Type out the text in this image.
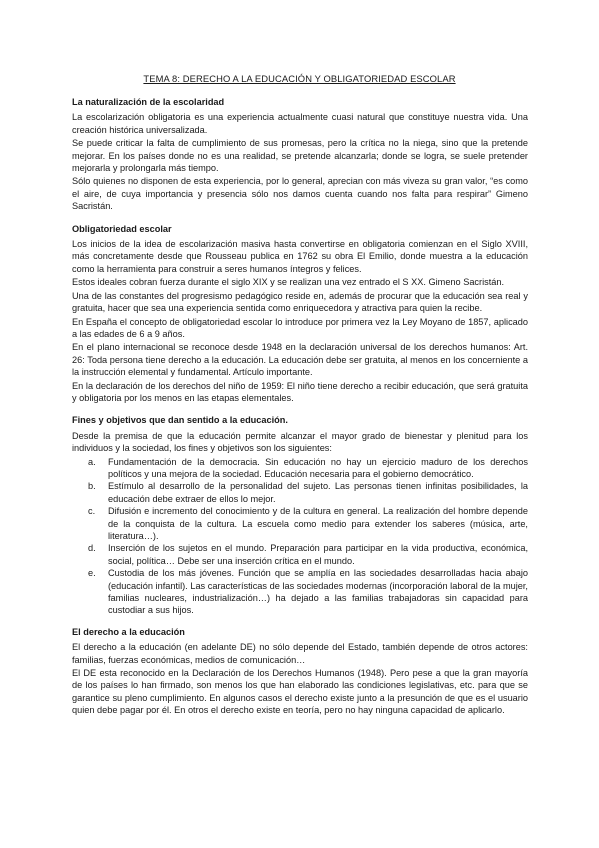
TEMA 8: DERECHO A LA EDUCACIÓN Y OBLIGATORIEDAD ESCOLAR
La naturalización de la escolaridad

La escolarización obligatoria es una experiencia actualmente cuasi natural que constituye nuestra vida. Una creación histórica universalizada.

Se puede criticar la falta de cumplimiento de sus promesas, pero la crítica no la niega, sino que la pretende mejorar. En los países donde no es una realidad, se pretende alcanzarla; donde se logra, se suele pretender mejorarla y prolongarla más tiempo.

Sólo quienes no disponen de esta experiencia, por lo general, aprecian con más viveza su gran valor, “es como el aire, de cuya importancia y presencia sólo nos damos cuenta cuando nos falta para respirar” Gimeno Sacristán.

Obligatoriedad escolar

Los inicios de la idea de escolarización masiva hasta convertirse en obligatoria comienzan en el Siglo XVIII, más concretamente desde que Rousseau publica en 1762 su obra El Emilio, donde muestra a la educación como la herramienta para construir a seres humanos íntegros y felices.

Estos ideales cobran fuerza durante el siglo XIX y se realizan una vez entrado el S XX. Gimeno Sacristán.

Una de las constantes del progresismo pedagógico reside en, además de procurar que la educación sea real y gratuita, hacer que sea una experiencia sentida como enriquecedora y atractiva para quien la recibe.

En España el concepto de obligatoriedad escolar lo introduce por primera vez la Ley Moyano de 1857, aplicado a las edades de 6 a 9 años.

En el plano internacional se reconoce desde 1948 en la declaración universal de los derechos humanos: Art. 26: Toda persona tiene derecho a la educación. La educación debe ser gratuita, al menos en los concerniente a la instrucción elemental y fundamental. Artículo importante.

En la declaración de los derechos del niño de 1959: El niño tiene derecho a recibir educación, que será gratuita y obligatoria por los menos en las etapas elementales.

Fines y objetivos que dan sentido a la educación.

Desde la premisa de que la educación permite alcanzar el mayor grado de bienestar y plenitud para los individuos y la sociedad, los fines y objetivos son los siguientes:

a. Fundamentación de la democracia. Sin educación no hay un ejercicio maduro de los derechos políticos y una mejora de la sociedad. Educación necesaria para el gobierno democrático.
b. Estímulo al desarrollo de la personalidad del sujeto. Las personas tienen infinitas posibilidades, la educación debe extraer de ellos lo mejor.
c. Difusión e incremento del conocimiento y de la cultura en general. La realización del hombre depende de la conquista de la cultura. La escuela como medio para extender los saberes (música, arte, literatura…).
d. Inserción de los sujetos en el mundo. Preparación para participar en la vida productiva, económica, social, política… Debe ser una inserción crítica en el mundo.
e. Custodia de los más jóvenes. Función que se amplía en las sociedades desarrolladas hacia abajo (educación infantil). Las características de las sociedades modernas (incorporación laboral de la mujer, familias nucleares, industrialización…) ha dejado a las familias trabajadoras sin capacidad para custodiar a sus hijos.
El derecho a la educación

El derecho a la educación (en adelante DE) no sólo depende del Estado, también depende de otros actores: familias, fuerzas económicas, medios de comunicación…

El DE esta reconocido en la Declaración de los Derechos Humanos (1948). Pero pese a que la gran mayoría de los países lo han firmado, son menos los que han elaborado las condiciones legislativas, etc. para que se garantice su pleno cumplimiento. En algunos casos el derecho existe junto a la presunción de que es el usuario quien debe pagar por él. En otros el derecho existe en teoría, pero no hay ninguna capacidad de aplicarlo.
